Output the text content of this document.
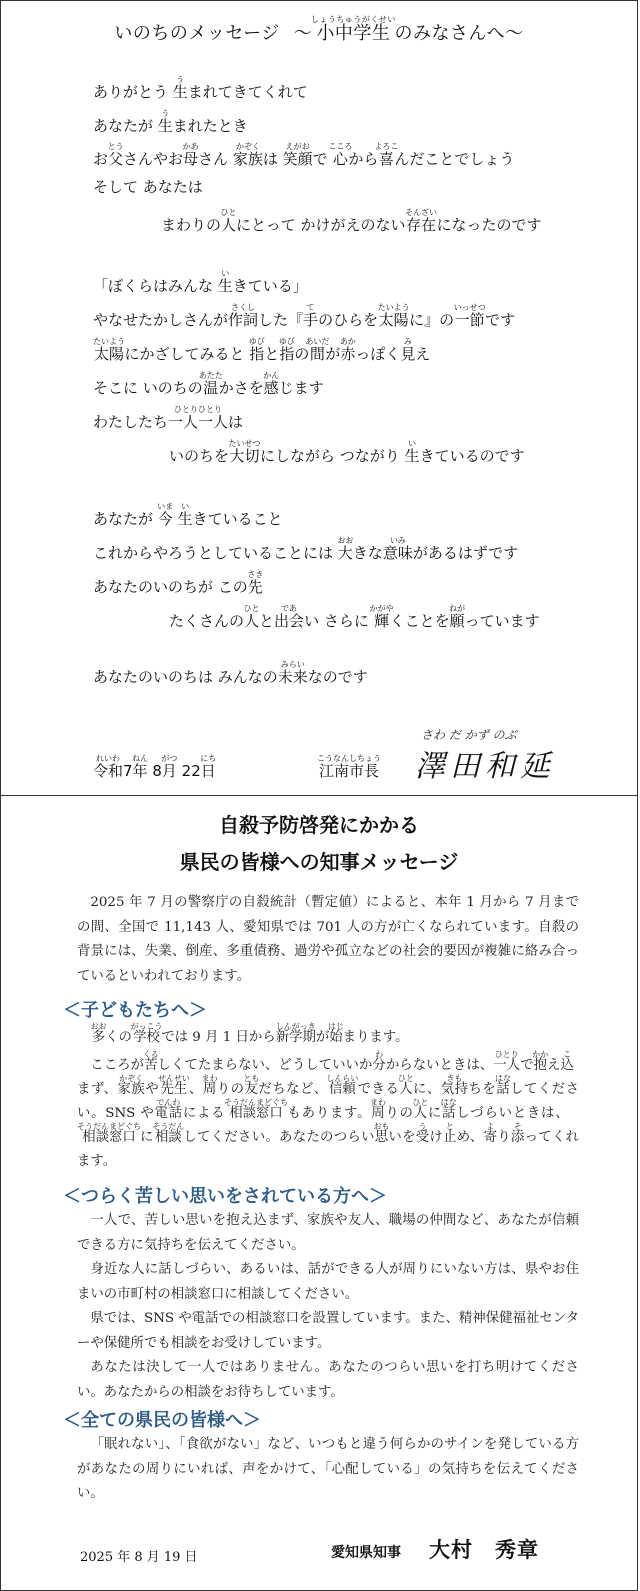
いのちのメッセージ 〜小中学生しょうちゅうがくせいのみなさんへ〜
ありがとう 生うまれてきてくれて
あなたが 生うまれたとき
お父とうさんやお母かあさん 家族かぞくは 笑顔えがおで 心こころから喜よろこんだことでしょう
そして あなたは
まわりの人ひとにとって かけがえのない存在そんざいになったのです
「ぼくらはみんな 生いきている」
やなせたかしさんが作詞さくしした『手てのひらを太陽たいように』の一節いっせつです
太陽たいようにかざしてみると 指ゆびと指ゆびの間あいだが赤あかっぽく見みえ
そこに いのちの温あたたかさを感かんじます
わたしたち一人一人ひとりひとりは
いのちを大切たいせつにしながら つながり 生いきているのです
あなたが 今いま 生いきていること
これからやろうとしていることには 大おおきな意味いみがあるはずです
あなたのいのちが この先さき
たくさんの人ひとと出会であい さらに 輝かがやくことを願ねがっています
あなたのいのちは みんなの未来みらいなのです
令和れいわ7年ねん 8月がつ 22日にち
江南市長こうなんしちょう
さわ だ かず のぶ
澤田和延
自殺予防啓発にかかる
県民の皆様への知事メッセージ

2025 年 7 月の警察庁の自殺統計（暫定値）によると、本年 1 月から 7 月までの間、全国で 11,143 人、愛知県では 701 人の方が亡くなられています。自殺の背景には、失業、倒産、多重債務、過労や孤立などの社会的要因が複雑に絡み合っているといわれております。

＜子どもたちへ＞

多おおくの学校がっこうでは 9 月 1 日から新学期しんがっきが始はじまります。

こころが苦くるしくてたまらない、どうしていいか分わからないときは、一人ひとりで抱かかえ込こまず、家族かぞくや先生せんせい、周まわりの友ともだちなど、信頼しんらいできる人ひとに、気持きもちを話はなしてください。SNS や電話でんわによる相談窓口そうだんまどぐちもあります。周まわりの人ひとに話はなしづらいときは、相談窓口そうだんまどぐちに相談そうだんしてください。あなたのつらい思おもいを受うけ止とめ、寄より添そってくれます。

＜つらく苦しい思いをされている方へ＞

一人で、苦しい思いを抱え込まず、家族や友人、職場の仲間など、あなたが信頼できる方に気持ちを伝えてください。

身近な人に話しづらい、あるいは、話ができる人が周りにいない方は、県やお住まいの市町村の相談窓口に相談してください。

県では、SNS や電話での相談窓口を設置しています。また、精神保健福祉センターや保健所でも相談をお受けしています。

あなたは決して一人ではありません。あなたのつらい思いを打ち明けてください。あなたからの相談をお待ちしています。

＜全ての県民の皆様へ＞

「眠れない」、「食欲がない」など、いつもと違う何らかのサインを発している方があなたの周りにいれば、声をかけて、「心配している」の気持ちを伝えてください。

2025 年 8 月 19 日	愛知県知事 大村　秀章
